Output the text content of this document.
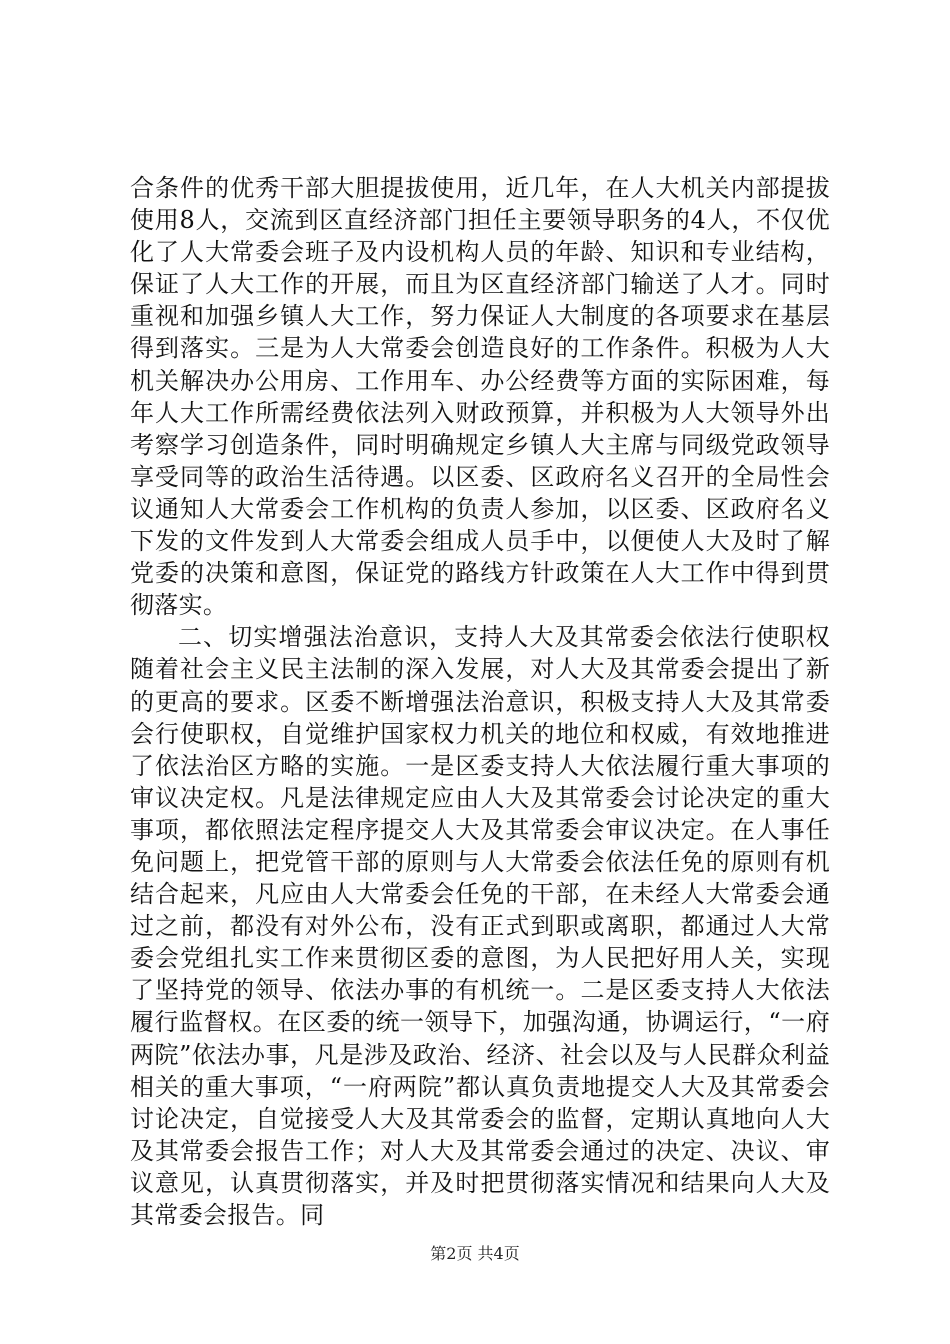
合条件的优秀干部大胆提拔使用，近几年，在人大机关内部提拔使用8人，交流到区直经济部门担任主要领导职务的4人，不仅优化了人大常委会班子及内设机构人员的年龄、知识和专业结构，保证了人大工作的开展，而且为区直经济部门输送了人才。同时重视和加强乡镇人大工作，努力保证人大制度的各项要求在基层得到落实。三是为人大常委会创造良好的工作条件。积极为人大机关解决办公用房、工作用车、办公经费等方面的实际困难，每年人大工作所需经费依法列入财政预算，并积极为人大领导外出考察学习创造条件，同时明确规定乡镇人大主席与同级党政领导享受同等的政治生活待遇。以区委、区政府名义召开的全局性会议通知人大常委会工作机构的负责人参加，以区委、区政府名义下发的文件发到人大常委会组成人员手中，以便使人大及时了解党委的决策和意图，保证党的路线方针政策在人大工作中得到贯彻落实。

二、切实增强法治意识，支持人大及其常委会依法行使职权随着社会主义民主法制的深入发展，对人大及其常委会提出了新的更高的要求。区委不断增强法治意识，积极支持人大及其常委会行使职权，自觉维护国家权力机关的地位和权威，有效地推进了依法治区方略的实施。一是区委支持人大依法履行重大事项的审议决定权。凡是法律规定应由人大及其常委会讨论决定的重大事项，都依照法定程序提交人大及其常委会审议决定。在人事任免问题上，把党管干部的原则与人大常委会依法任免的原则有机结合起来，凡应由人大常委会任免的干部，在未经人大常委会通过之前，都没有对外公布，没有正式到职或离职，都通过人大常委会党组扎实工作来贯彻区委的意图，为人民把好用人关，实现了坚持党的领导、依法办事的有机统一。二是区委支持人大依法履行监督权。在区委的统一领导下，加强沟通，协调运行，“一府两院”依法办事，凡是涉及政治、经济、社会以及与人民群众利益相关的重大事项，“一府两院”都认真负责地提交人大及其常委会讨论决定，自觉接受人大及其常委会的监督，定期认真地向人大及其常委会报告工作；对人大及其常委会通过的决定、决议、审议意见，认真贯彻落实，并及时把贯彻落实情况和结果向人大及其常委会报告。同

第2页 共4页
